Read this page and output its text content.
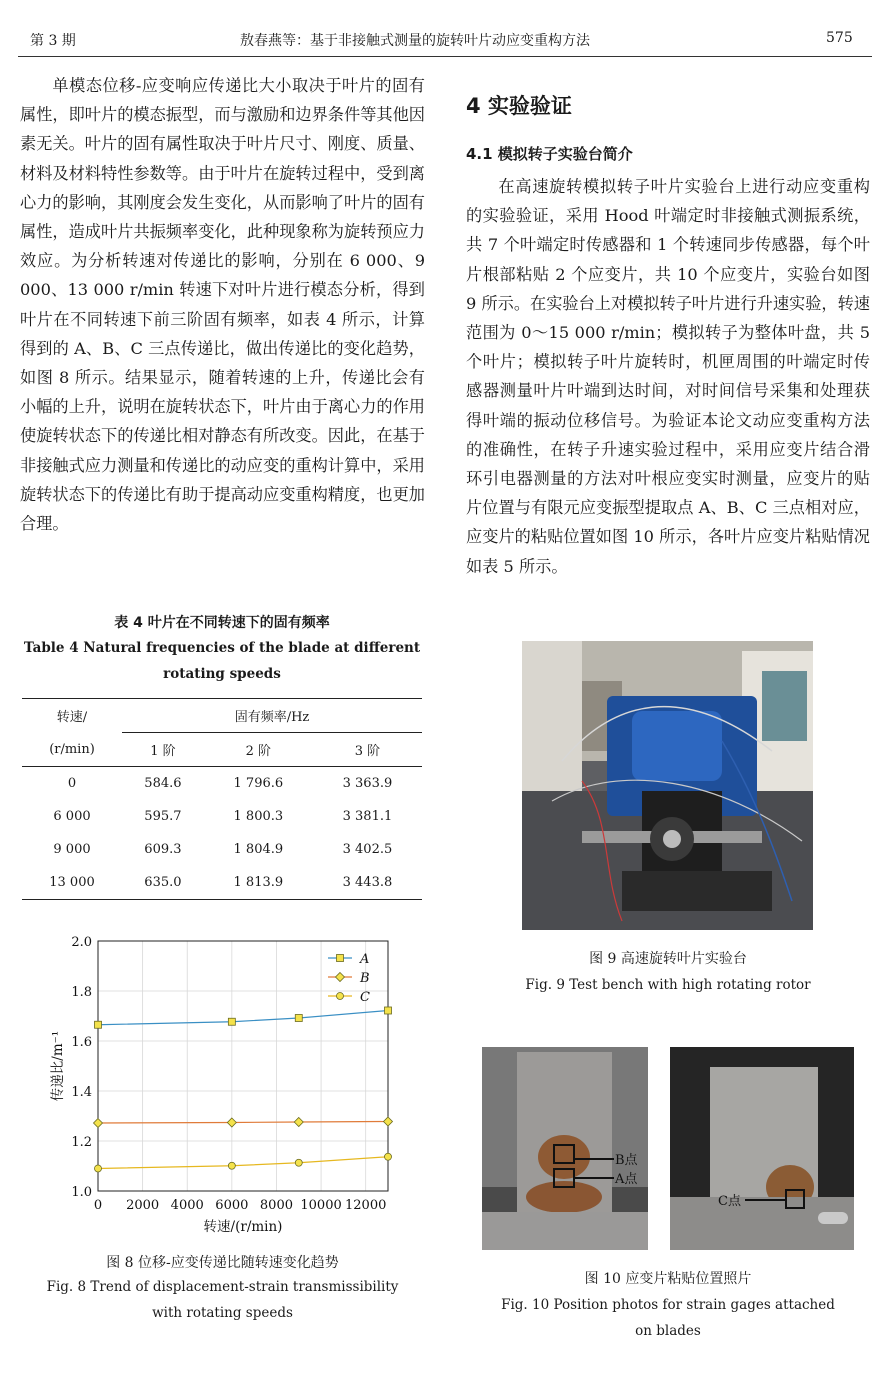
第 3 期	敖春燕等：基于非接触式测量的旋转叶片动应变重构方法	575

单模态位移-应变响应传递比大小取决于叶片的固有属性，即叶片的模态振型，而与激励和边界条件等其他因素无关。叶片的固有属性取决于叶片尺寸、刚度、质量、材料及材料特性参数等。由于叶片在旋转过程中，受到离心力的影响，其刚度会发生变化，从而影响了叶片的固有属性，造成叶片共振频率变化，此种现象称为旋转预应力效应。为分析转速对传递比的影响，分别在 6 000、9 000、13 000 r/min 转速下对叶片进行模态分析，得到叶片在不同转速下前三阶固有频率，如表 4 所示，计算得到的 A、B、C 三点传递比，做出传递比的变化趋势，如图 8 所示。结果显示，随着转速的上升，传递比会有小幅的上升，说明在旋转状态下，叶片由于离心力的作用使旋转状态下的传递比相对静态有所改变。因此，在基于非接触式应力测量和传递比的动应变的重构计算中，采用旋转状态下的传递比有助于提高动应变重构精度，也更加合理。

4 实验验证
4.1 模拟转子实验台简介

在高速旋转模拟转子叶片实验台上进行动应变重构的实验验证，采用 Hood 叶端定时非接触式测振系统，共 7 个叶端定时传感器和 1 个转速同步传感器，每个叶片根部粘贴 2 个应变片，共 10 个应变片，实验台如图 9 所示。在实验台上对模拟转子叶片进行升速实验，转速范围为 0～15 000 r/min；模拟转子为整体叶盘，共 5 个叶片；模拟转子叶片旋转时，机匣周围的叶端定时传感器测量叶片叶端到达时间，对时间信号采集和处理获得叶端的振动位移信号。为验证本论文动应变重构方法的准确性，在转子升速实验过程中，采用应变片结合滑环引电器测量的方法对叶根应变实时测量，应变片的贴片位置与有限元应变振型提取点 A、B、C 三点相对应，应变片的粘贴位置如图 10 所示，各叶片应变片粘贴情况如表 5 所示。

表 4 叶片在不同转速下的固有频率
Table 4 Natural frequencies of the blade at different
rotating speeds
转速/	固有频率/Hz		
(r/min)	1 阶	2 阶	3 阶
0	584.6	1 796.6	3 363.9
6 000	595.7	1 800.3	3 381.1
9 000	609.3	1 804.9	3 402.5
13 000	635.0	1 813.9	3 443.8
1.0
1.2
1.4
1.6
1.8
2.0
0 2000 4000 6000 8000 10000 12000
转速/(r/min)
传递比/m⁻¹
A
B
C
图 8 位移-应变传递比随转速变化趋势
Fig. 8 Trend of displacement-strain transmissibility
with rotating speeds
图 9 高速旋转叶片实验台
Fig. 9 Test bench with high rotating rotor
B点
A点
C点
图 10 应变片粘贴位置照片
Fig. 10 Position photos for strain gages attached
on blades
